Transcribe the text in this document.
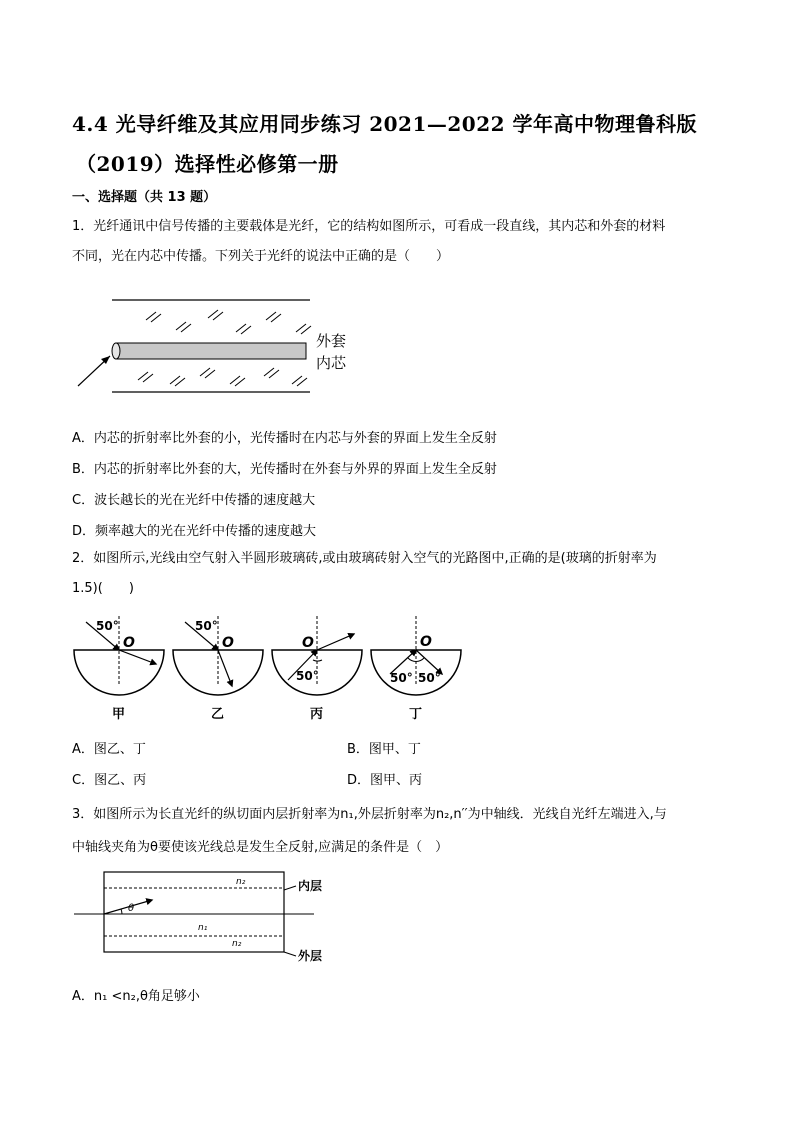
4.4 光导纤维及其应用同步练习 2021—2022 学年高中物理鲁科版
（2019）选择性必修第一册
一、选择题（共 13 题）
1．光纤通讯中信号传播的主要载体是光纤，它的结构如图所示，可看成一段直线，其内芯和外套的材料
不同，光在内芯中传播。下列关于光纤的说法中正确的是（　　）
外套
内芯
A．内芯的折射率比外套的小，光传播时在内芯与外套的界面上发生全反射
B．内芯的折射率比外套的大，光传播时在外套与外界的界面上发生全反射
C．波长越长的光在光纤中传播的速度越大
D．频率越大的光在光纤中传播的速度越大
2．如图所示,光线由空气射入半圆形玻璃砖,或由玻璃砖射入空气的光路图中,正确的是(玻璃的折射率为
1.5)(　　)
50°
O
甲
50°
O
乙
50°
O
丙
O
50° 50°
丁
A．图乙、丁	B．图甲、丁
C．图乙、丙	D．图甲、丙
3．如图所示为长直光纤的纵切面内层折射率为n₁,外层折射率为n₂,n′′为中轴线．光线自光纤左端进入,与
中轴线夹角为θ要使该光线总是发生全反射,应满足的条件是（　）
θ
n₂
n₁
n₂
内层
外层
A．n₁ <n₂,θ角足够小
